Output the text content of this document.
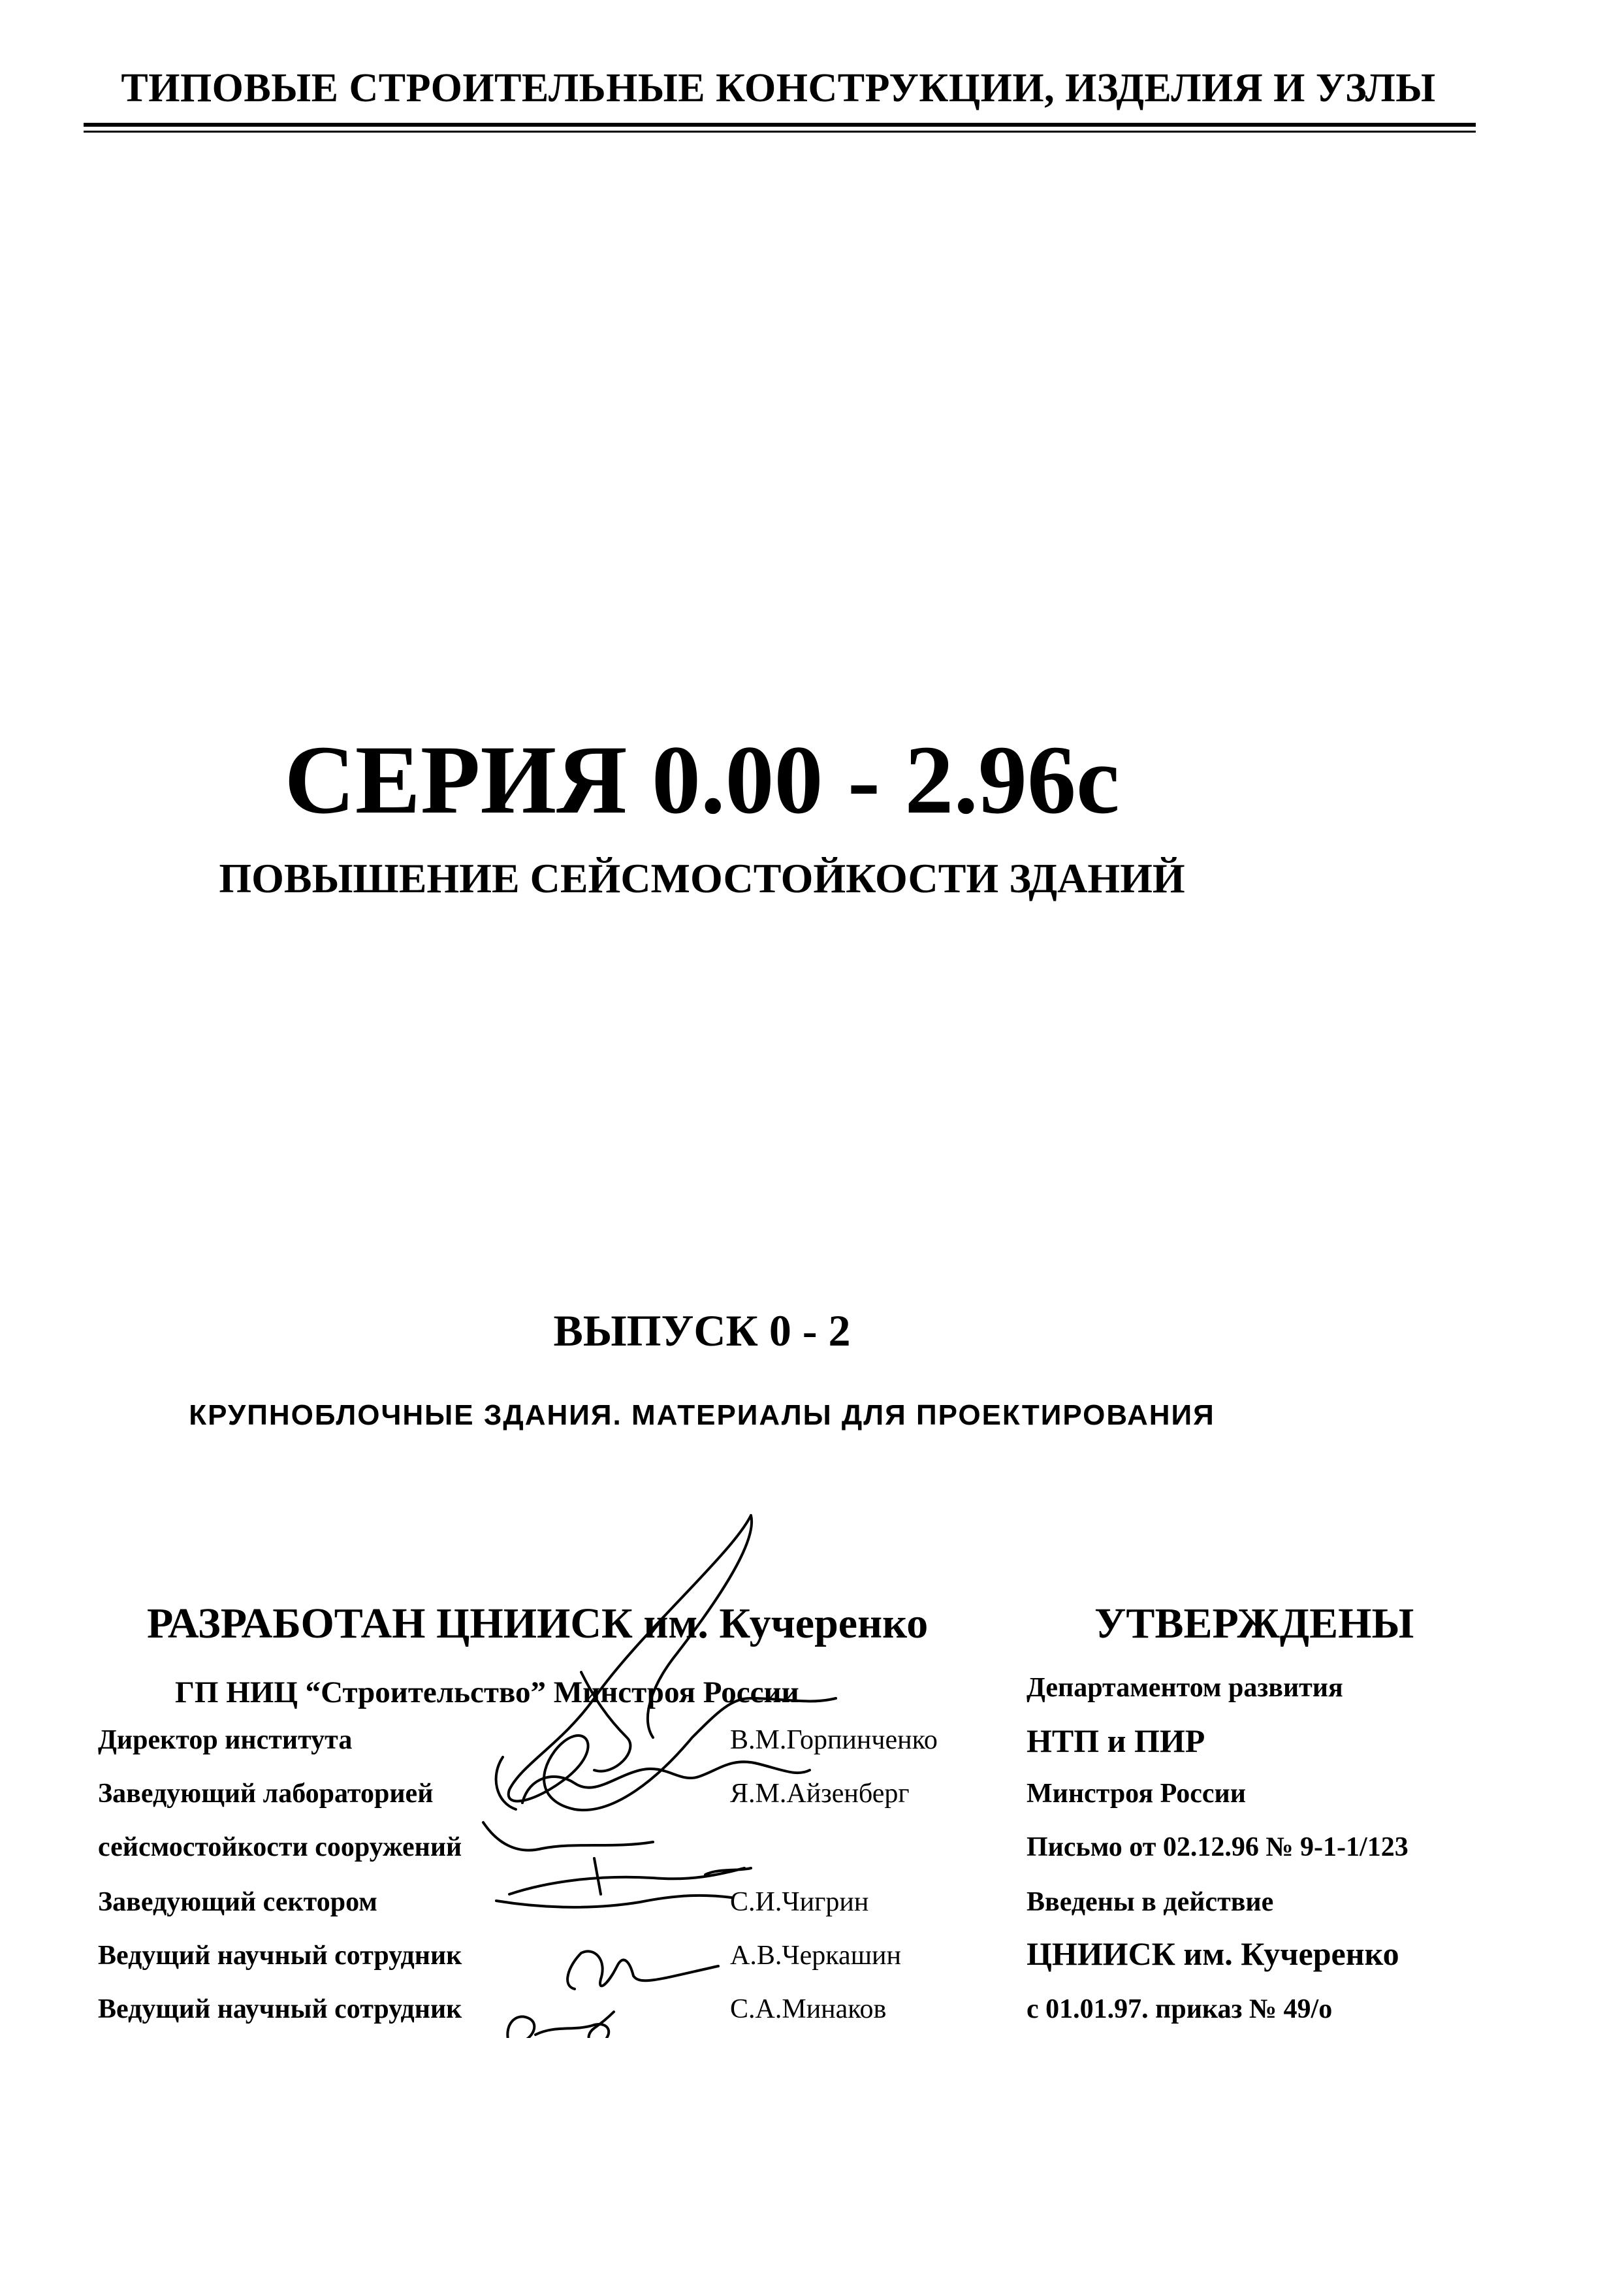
ТИПОВЫЕ СТРОИТЕЛЬНЫЕ КОНСТРУКЦИИ, ИЗДЕЛИЯ И УЗЛЫ
СЕРИЯ 0.00 - 2.96с
ПОВЫШЕНИЕ СЕЙСМОСТОЙКОСТИ ЗДАНИЙ
ВЫПУСК 0 - 2
КРУПНОБЛОЧНЫЕ ЗДАНИЯ. МАТЕРИАЛЫ ДЛЯ ПРОЕКТИРОВАНИЯ
РАЗРАБОТАН ЦНИИСК им. Кучеренко
ГП НИЦ “Строительство” Минстроя России
Директор института	В.М.Горпинченко
Заведующий лабораторией	Я.М.Айзенберг
сейсмостойкости сооружений
Заведующий сектором	С.И.Чигрин
Ведущий научный сотрудник	А.В.Черкашин
Ведущий научный сотрудник	С.А.Минаков
УТВЕРЖДЕНЫ
Департаментом развития
НТП и ПИР
Минстроя России
Письмо от 02.12.96 № 9-1-1/123
Введены в действие
ЦНИИСК им. Кучеренко
с 01.01.97. приказ № 49/о
